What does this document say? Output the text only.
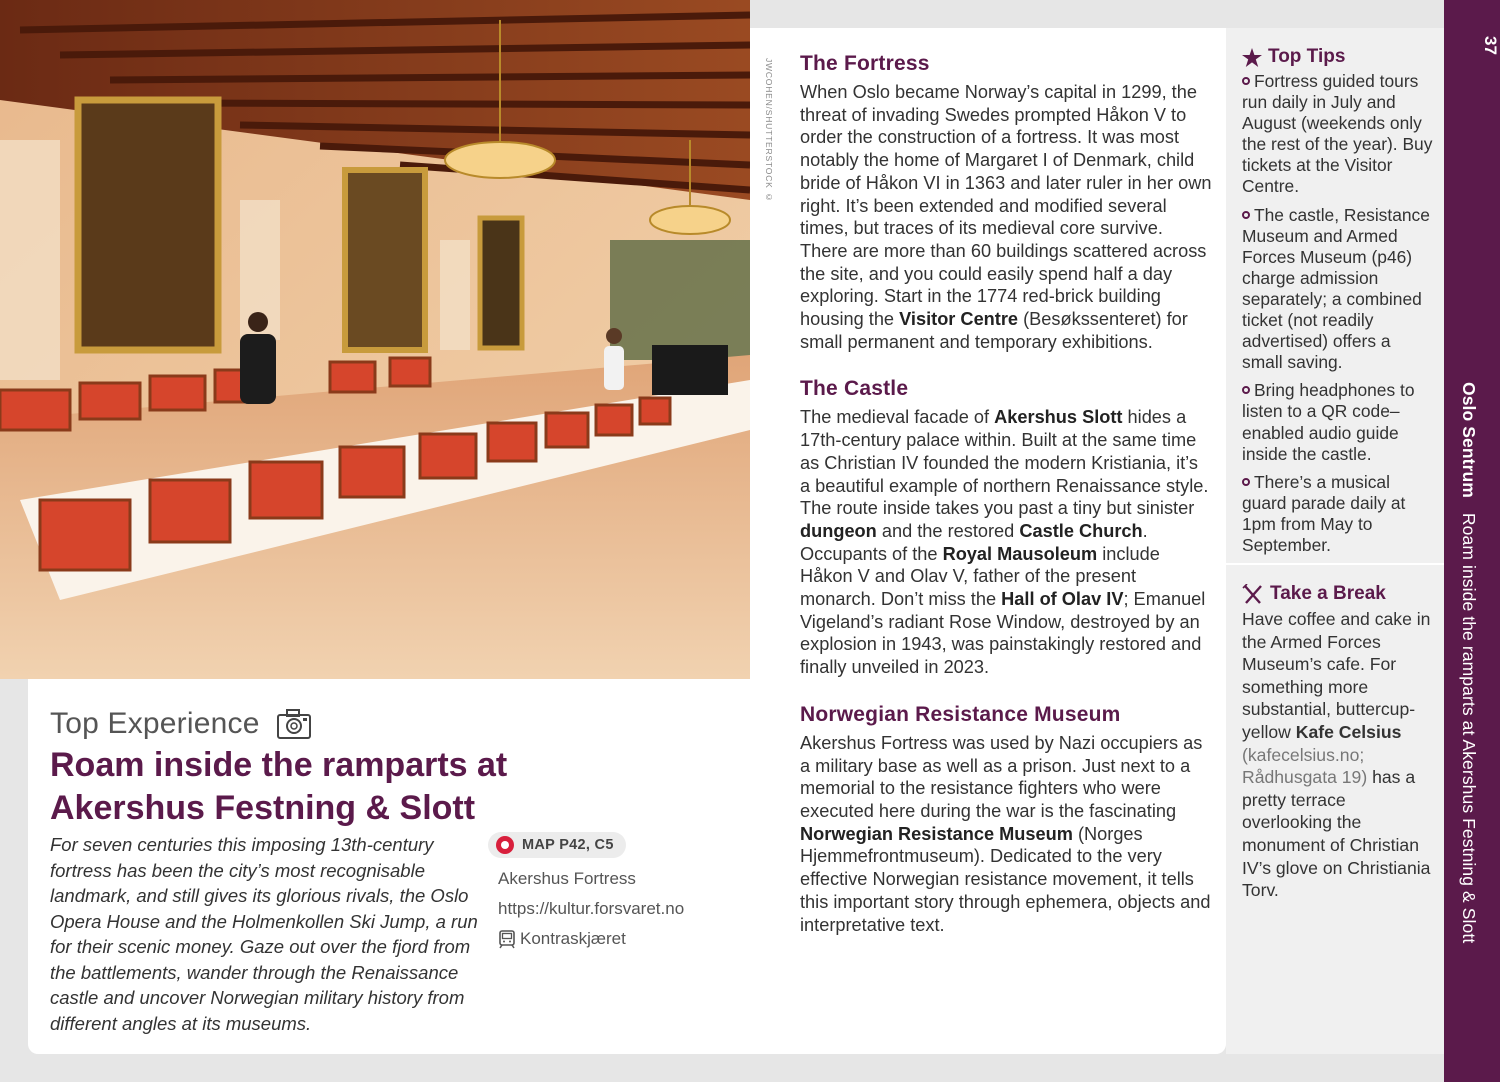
JWCOHEN/SHUTTERSTOCK ©
Top Experience
Roam inside the ramparts at
Akershus Festning & Slott

For seven centuries this imposing 13th-century fortress has been the city’s most recognisable landmark, and still gives its glorious rivals, the Oslo Opera House and the Holmenkollen Ski Jump, a run for their scenic money. Gaze out over the fjord from the battlements, wander through the Renaissance castle and uncover Norwegian military history from different angles at its museums.

MAP P42, C5
Akershus Fortress
https://kultur.forsvaret.no
Kontraskjæret
The Fortress

When Oslo became Norway’s capital in 1299, the threat of invading Swedes prompted Håkon V to order the construction of a fortress. It was most notably the home of Margaret I of Denmark, child bride of Håkon VI in 1363 and later ruler in her own right. It’s been extended and modified several times, but traces of its medieval core survive. There are more than 60 buildings scattered across the site, and you could easily spend half a day exploring. Start in the 1774 red-brick building housing the Visitor Centre (Besøkssenteret) for small permanent and temporary exhibitions.

The Castle

The medieval facade of Akershus Slott hides a 17th-century palace within. Built at the same time as Christian IV founded the modern Kristiania, it’s a beautiful example of northern Renaissance style. The route inside takes you past a tiny but sinister dungeon and the restored Castle Church. Occupants of the Royal Mausoleum include Håkon V and Olav V, father of the present monarch. Don’t miss the Hall of Olav IV; Emanuel Vigeland’s radiant Rose Window, destroyed by an explosion in 1943, was painstakingly restored and finally unveiled in 2023.

Norwegian Resistance Museum

Akershus Fortress was used by Nazi occupiers as a military base as well as a prison. Just next to a memorial to the resistance fighters who were executed here during the war is the fascinating Norwegian Resistance Museum (Norges Hjemmefrontmuseum). Dedicated to the very effective Norwegian resistance movement, it tells this important story through ephemera, objects and interpretative text.

Top Tips
Fortress guided tours run daily in July and August (weekends only the rest of the year). Buy tickets at the Visitor Centre.
The castle, Resistance Museum and Armed Forces Museum (p46) charge admission separately; a combined ticket (not readily advertised) offers a small saving.
Bring headphones to listen to a QR code–enabled audio guide inside the castle.
There’s a musical guard parade daily at 1pm from May to September.
Take a Break

Have coffee and cake in the Armed Forces Museum’s cafe. For something more substantial, buttercup-yellow Kafe Celsius (kafecelsius.no; Rådhusgata 19) has a pretty terrace overlooking the monument of Christian IV’s glove on Christiania Torv.

37
Oslo Sentrum Roam inside the ramparts at Akershus Festning & Slott
